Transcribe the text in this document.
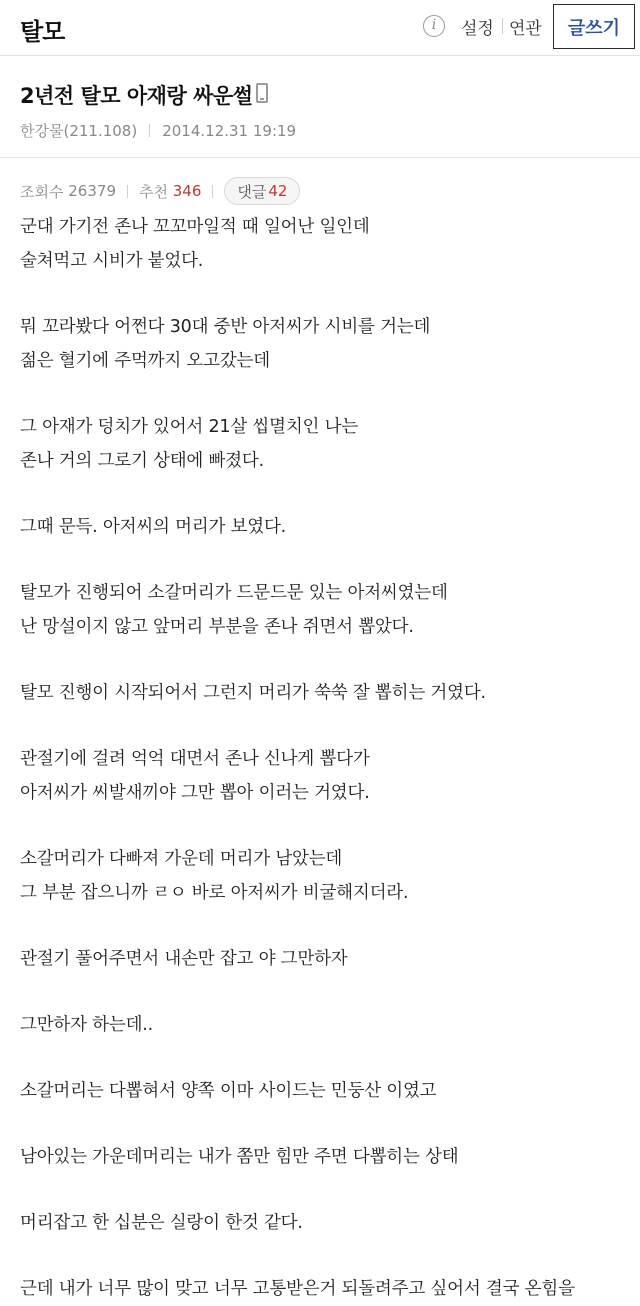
탈모	i	설정 연관	글쓰기
2년전 탈모 아재랑 싸운썰
한강물(211.108) 2014.12.31 19:19
조회수
26379 추천
346 댓글 42
군대 가기전 존나 꼬꼬마일적 때 일어난 일인데
술쳐먹고 시비가 붙었다.
뭐 꼬라봤다 어쩐다 30대 중반 아저씨가 시비를 거는데
젊은 혈기에 주먹까지 오고갔는데
그 아재가 덩치가 있어서 21살 씹멸치인 나는
존나 거의 그로기 상태에 빠졌다.
그때 문득. 아저씨의 머리가 보였다.
탈모가 진행되어 소갈머리가 드문드문 있는 아저씨였는데
난 망설이지 않고 앞머리 부분을 존나 쥐면서 뽑았다.
탈모 진행이 시작되어서 그런지 머리가 쑥쑥 잘 뽑히는 거였다.
관절기에 걸려 억억 대면서 존나 신나게 뽑다가
아저씨가 씨발새끼야 그만 뽑아 이러는 거였다.
소갈머리가 다빠져 가운데 머리가 남았는데
그 부분 잡으니까 ㄹㅇ 바로 아저씨가 비굴해지더라.
관절기 풀어주면서 내손만 잡고 야 그만하자
그만하자 하는데..
소갈머리는 다뽑혀서 양쪽 이마 사이드는 민둥산 이였고
남아있는 가운데머리는 내가 쫌만 힘만 주면 다뽑히는 상태
머리잡고 한 십분은 실랑이 한것 같다.
근데 내가 너무 많이 맞고 너무 고통받은거 되돌려주고 싶어서 결국 온힘을
